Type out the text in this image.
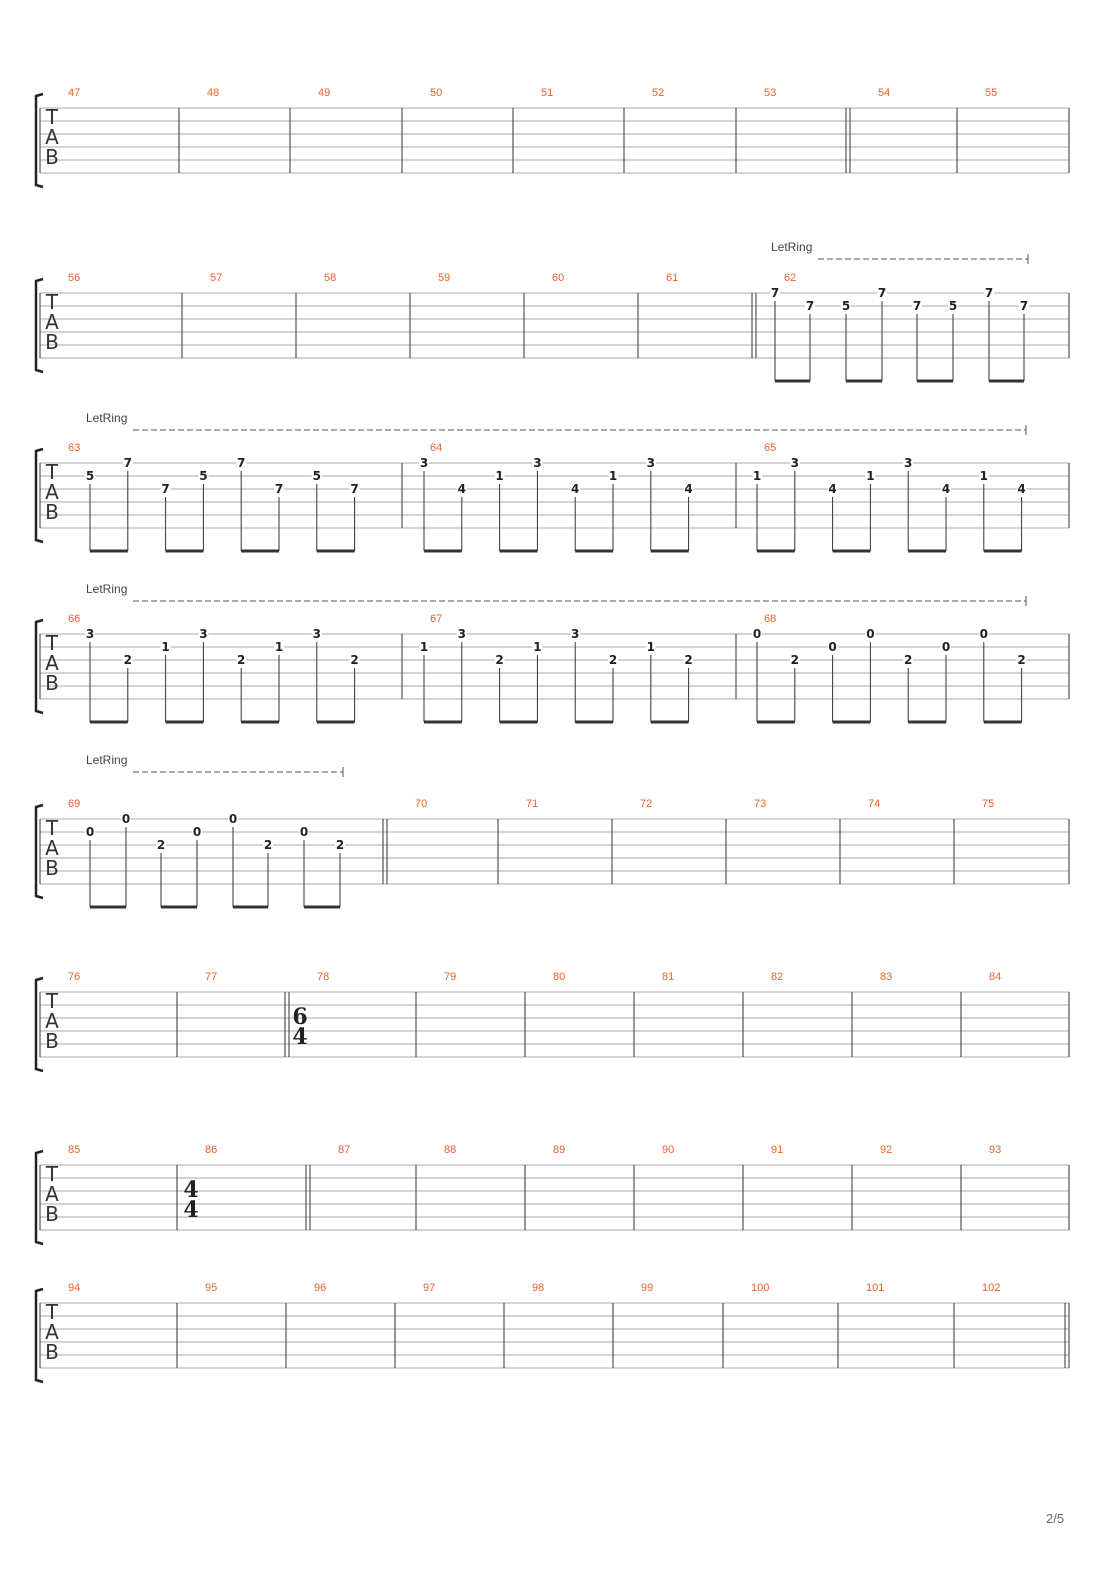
T
A
B
47	48	49	50	51	52	53	54	55
T
A
B
56	57	58	59	60	61	62
T
A
B
63	64	65
T
A
B
66	67	68
T
A
B
69	70	71	72	73	74	75
T
A
B
76	77	78	79	80	81	82	83	84
T
A
B
85	86	87	88	89	90	91	92	93
T
A
B
94	95	96	97	98	99	100	101	102
6
4
4
4
LetRing
LetRing
LetRing
LetRing
7
7 5
7
7 5
7
7
5
7
7
5
7
7
5
7
3
4
1
3
4
1
3
4
1
3
4
1
3
4
1
4
3
2
1
3
2
1
3
2
1
3
2
1
3
2
1
2
0
2
0
0
2
0
0
2
0
0
2
0
0
2
0
2
2/5
